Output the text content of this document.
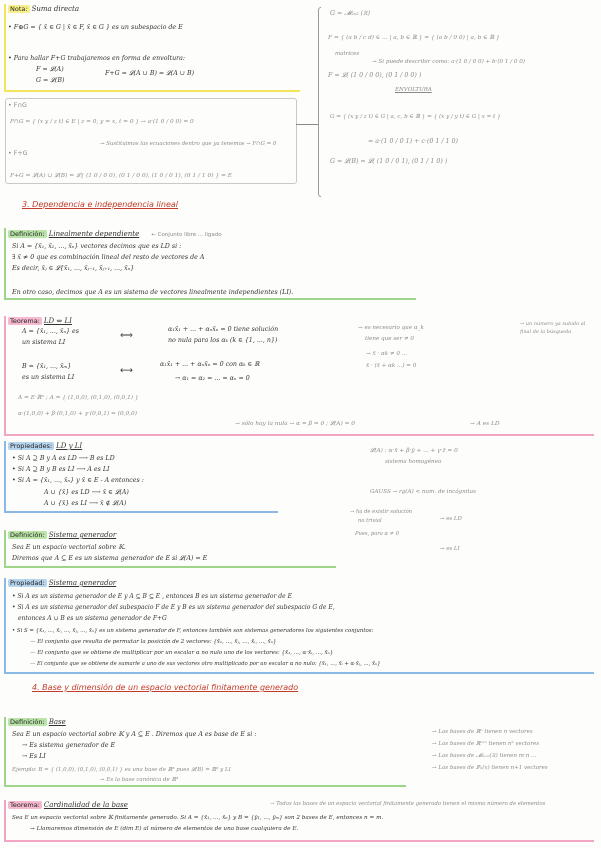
Nota: Suma directa
• F⊕G = { x̄ ∈ G | x̄ ∈ F, x̄ ∈ G } es un subespacio de E
• Para hallar F+G trabajaremos en forma de envoltura:
F = 𝓛(A)
G = 𝓛(B)
F+G = 𝓛(A ∪ B) = 𝓛(A ∪ B)
G = 𝓜₂ₓ₂ (ℝ)
F = { (a b / c d) ∈ ... | a, b ∈ ℝ } = { (a b / 0 0) | a, b ∈ ℝ }
matrices
→ Si puede describir como: a·(1 0 / 0 0) + b·(0 1 / 0 0)
F = 𝓛( (1 0 / 0 0), (0 1 / 0 0) )
ENVOLTURA
G = { (x y / z t) ∈ G | a, c, b ∈ ℝ } = { (x y / y t) ∈ G | x = t }
= a·(1 0 / 0 1) + c·(0 1 / 1 0)
G = 𝓛(B) = 𝓛( (1 0 / 0 1), (0 1 / 1 0) )
• F∩G
F∩G = { (x y / z t) ∈ E | z = 0, y = x, t = 0 } → a·(1 0 / 0 0) = 0
→ Sustituimos las ecuaciones dentro que ya tenemos → F∩G = 0
• F+G
F+G = 𝓛(A) ∪ 𝓛(B) = 𝓛{ (1 0 / 0 0), (0 1 / 0 0), (1 0 / 0 1), (0 1 / 1 0) } = E
3. Dependencia e independencia lineal
Definición: Linealmente dependiente ← Conjunto libre ... ligado
Si A = {x̄₁, x̄₂, ..., x̄ₙ} vectores decimos que es LD si :
∃ x̄ ≠ 0 que es combinación lineal del resto de vectores de A
Es decir, x̄ⱼ ∈ 𝓛{x̄₁, ..., x̄ⱼ₋₁, x̄ⱼ₊₁, ..., x̄ₙ}
En otro caso, decimos que A es un sistema de vectores linealmente independientes (LI).
Teorema: LD ⇔ LI
A = {x̄₁, ..., x̄ₙ} es
un sistema LI
⟺
α₁x̄₁ + ... + αₙx̄ₙ = 0 tiene solución
no nula para los αₖ (k ∈ {1, ..., n})
→ es necesario que α_k
tiene que ser ≠ 0
→ un número ya subido al final de la búsqueda
B = {x̄₁, ..., x̄ₘ}
es un sistema LI
⟷
α₁x̄₁ + ... + αₙx̄ₙ = 0 con αₖ ∈ ℝ
→ α₁ = α₂ = ... = αₙ = 0
→ x̄ · αk ≠ 0 ...
x̄ · (x̄ + αk ...) = 0
A = E·ℝ³ ; A = { (1,0,0), (0,1,0), (0,0,1) }
α·(1,0,0) + β·(0,1,0) + γ·(0,0,1) = (0,0,0)
→ sólo hay la nula → α = β = 0 ; 𝓛(A) = 0	→ A es LD
Propiedades: LD y LI
• Si A ⊇ B y A es LD ⟶ B es LD
• Si A ⊇ B y B es LI ⟶ A es LI
• Si A = {x̄₁, ..., x̄ₙ} y x̄ ∈ E - A entonces :
A ∪ {x̄} es LD ⟶ x̄ ∈ 𝓛(A)
A ∪ {x̄} es LI ⟶ x̄ ∉ 𝓛(A)
𝓛(A) : α·x̄ + β·ȳ + ... + γ·z̄ = 0
sistema homogéneo
GAUSS → rg(A) < num. de incógnitas
→ ha de existir solución
no trivial
Pues, para α ≠ 0
→ es LD
→ es LI
Definición: Sistema generador
Sea E un espacio vectorial sobre 𝕂.
Diremos que A ⊆ E es un sistema generador de E si 𝓛(A) = E
Propiedad: Sistema generador
• Si A es un sistema generador de E y A ⊆ B ⊆ E , entonces B es un sistema generador de E
• Si A es un sistema generador del subespacio F de E y B es un sistema generador del subespacio G de E,
entonces A ∪ B es un sistema generador de F+G
• Si S = {x̄₁, ..., x̄ᵢ, ..., x̄ⱼ, ..., x̄ₙ} es un sistema generador de F, entonces también son sistemas generadores los siguientes conjuntos:
— El conjunto que resulta de permutar la posición de 2 vectores: {x̄₁, ..., x̄ⱼ, ..., x̄ᵢ, ..., x̄ₙ}
— El conjunto que se obtiene de multiplicar por un escalar α no nulo uno de los vectores: {x̄₁, ..., α·x̄ᵢ, ..., x̄ₙ}
— El conjunto que se obtiene de sumarle a uno de sus vectores otro multiplicado por un escalar α no nulo: {x̄₁, ..., x̄ᵢ + α·x̄ⱼ, ..., x̄ₙ}
4. Base y dimensión de un espacio vectorial finitamente generado
Definición: Base
Sea E un espacio vectorial sobre 𝕂 y A ⊆ E . Diremos que A es base de E si :
→ Es sistema generador de E
→ Es LI
Ejemplo: B = { (1,0,0), (0,1,0), (0,0,1) } es una base de ℝ³ pues 𝓛(B) = ℝ³ y LI
→ Es la base canónica de ℝ³
→ Las bases de ℝⁿ tienen n vectores
→ Las bases de ℝⁿˣⁿ tienen n² vectores
→ Las bases de 𝓜ₘₓₙ(ℝ) tienen m·n ...
→ Las bases de ℙₙ(x) tienen n+1 vectores
Teorema: Cardinalidad de la base	→ Todas las bases de un espacio vectorial finitamente generado tienen el mismo número de elementos
Sea E un espacio vectorial sobre 𝕂 finitamente generado. Si A = {x̄₁, ..., x̄ₙ} y B = {ȳ₁, ..., ȳₘ} son 2 bases de E, entonces n = m.
→ Llamaremos dimensión de E (dim E) al número de elementos de una base cualquiera de E.
